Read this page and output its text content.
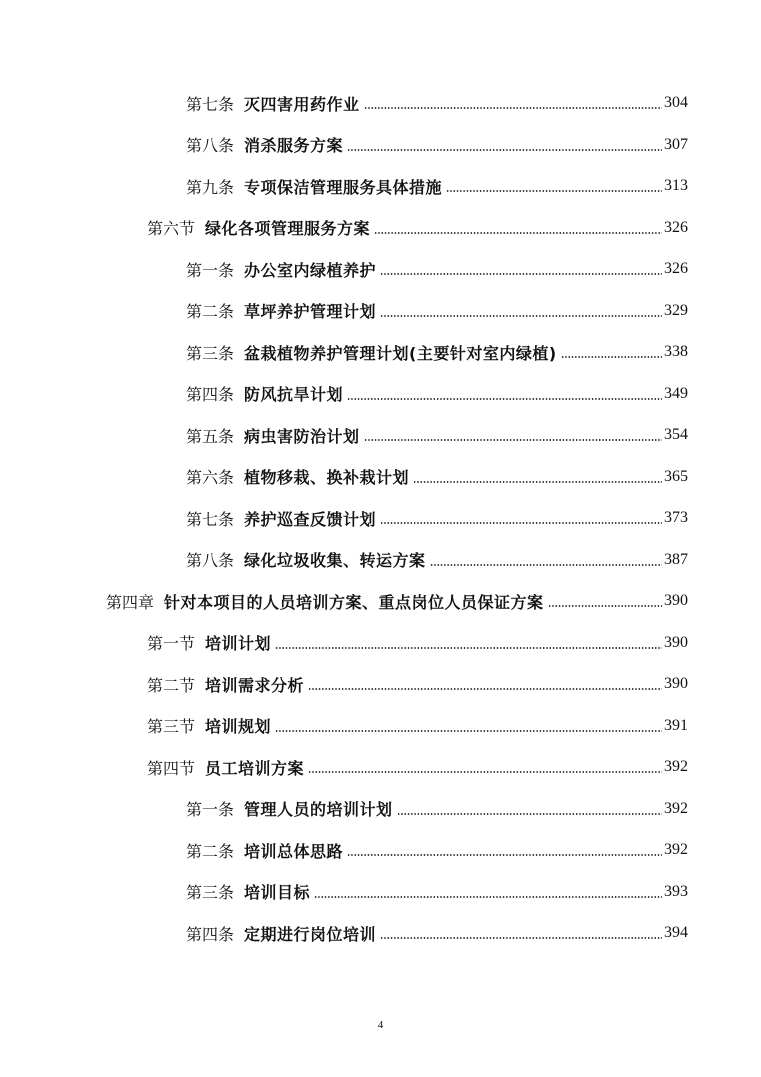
第七条 灭四害用药作业	304
第八条 消杀服务方案	307
第九条 专项保洁管理服务具体措施	313
第六节 绿化各项管理服务方案	326
第一条 办公室内绿植养护	326
第二条 草坪养护管理计划	329
第三条 盆栽植物养护管理计划(主要针对室内绿植)	338
第四条 防风抗旱计划	349
第五条 病虫害防治计划	354
第六条 植物移栽、换补栽计划	365
第七条 养护巡查反馈计划	373
第八条 绿化垃圾收集、转运方案	387
第四章 针对本项目的人员培训方案、重点岗位人员保证方案	390
第一节 培训计划	390
第二节 培训需求分析	390
第三节 培训规划	391
第四节 员工培训方案	392
第一条 管理人员的培训计划	392
第二条 培训总体思路	392
第三条 培训目标	393
第四条 定期进行岗位培训	394
4
